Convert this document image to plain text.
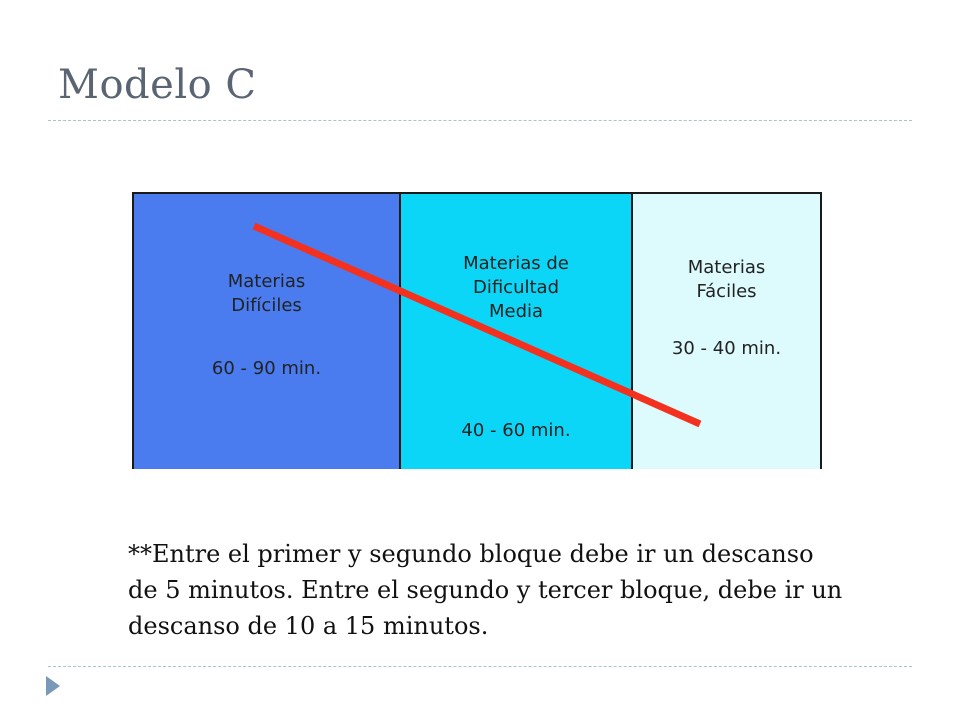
Modelo C
Materias
Difíciles
60 - 90 min.
Materias de
Dificultad
Media
40 - 60 min.
Materias
Fáciles
30 - 40 min.

**Entre el primer y segundo bloque debe ir un descanso de 5 minutos. Entre el segundo y tercer bloque, debe ir un descanso de 10 a 15 minutos.
